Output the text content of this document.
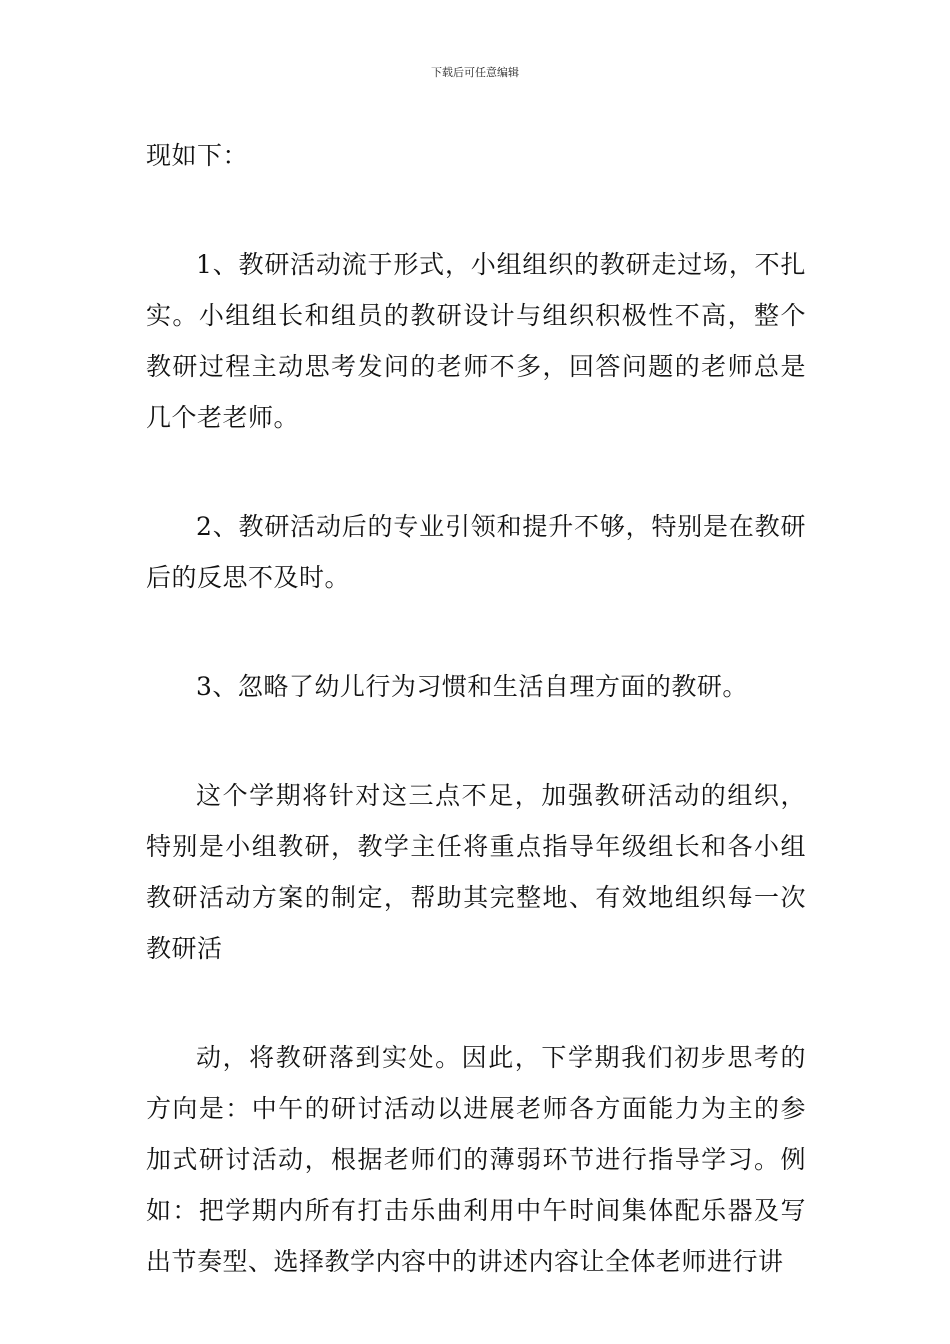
下载后可任意编辑

现如下：

1、教研活动流于形式，小组组织的教研走过场，不扎实。小组组长和组员的教研设计与组织积极性不高，整个教研过程主动思考发问的老师不多，回答问题的老师总是几个老老师。

2、教研活动后的专业引领和提升不够，特别是在教研后的反思不及时。

3、忽略了幼儿行为习惯和生活自理方面的教研。

这个学期将针对这三点不足，加强教研活动的组织，特别是小组教研，教学主任将重点指导年级组长和各小组教研活动方案的制定，帮助其完整地、有效地组织每一次教研活

动，将教研落到实处。因此，下学期我们初步思考的方向是：中午的研讨活动以进展老师各方面能力为主的参加式研讨活动，根据老师们的薄弱环节进行指导学习。例如：把学期内所有打击乐曲利用中午时间集体配乐器及写出节奏型、选择教学内容中的讲述内容让全体老师进行讲
